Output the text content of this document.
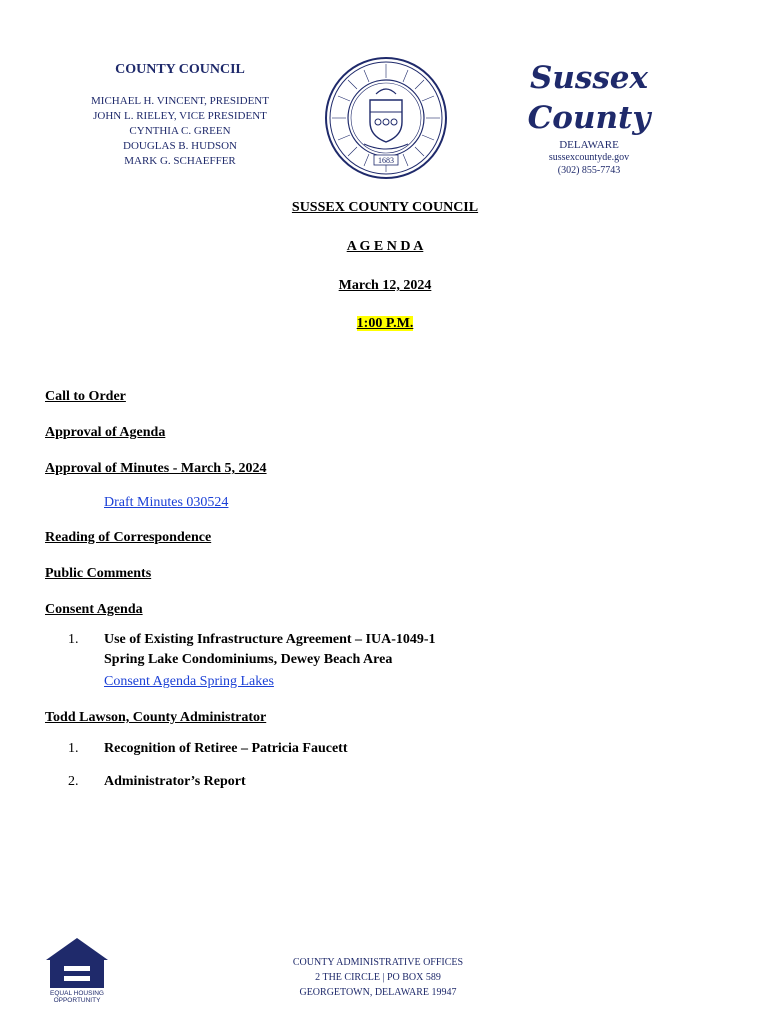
COUNTY COUNCIL
MICHAEL H. VINCENT, PRESIDENT
JOHN L. RIELEY, VICE PRESIDENT
CYNTHIA C. GREEN
DOUGLAS B. HUDSON
MARK G. SCHAEFFER	1683
Sussex County
DELAWARE
sussexcountyde.gov
(302) 855-7743
SUSSEX COUNTY COUNCIL
A G E N D A
March 12, 2024
1:00 P.M.
Call to Order
Approval of Agenda
Approval of Minutes - March 5, 2024
Draft Minutes 030524
Reading of Correspondence
Public Comments
Consent Agenda
1. Use of Existing Infrastructure Agreement – IUA-1049-1
Spring Lake Condominiums, Dewey Beach Area
Consent Agenda Spring Lakes
Todd Lawson, County Administrator
1. Recognition of Retiree – Patricia Faucett
2. Administrator’s Report
EQUAL HOUSING
OPPORTUNITY
COUNTY ADMINISTRATIVE OFFICES
2 THE CIRCLE | PO BOX 589
GEORGETOWN, DELAWARE 19947
